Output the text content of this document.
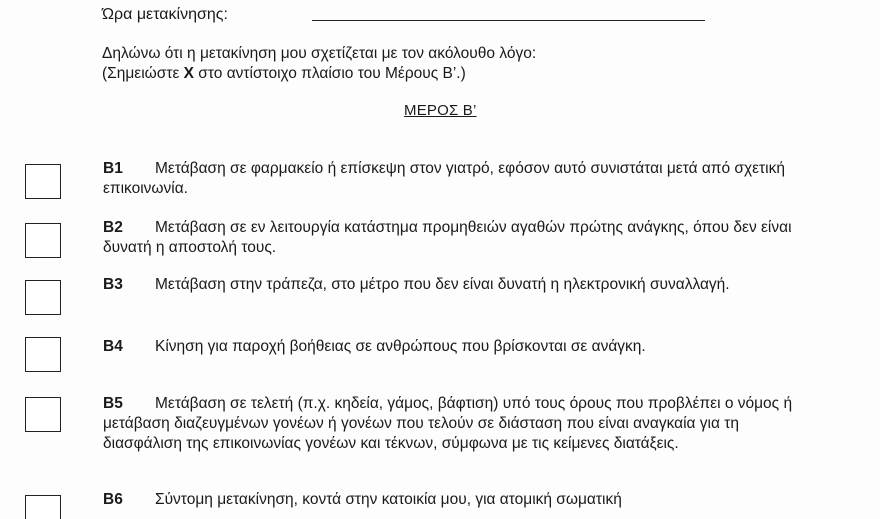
Ώρα μετακίνησης:
Δηλώνω ότι η μετακίνηση μου σχετίζεται με τον ακόλουθο λόγο:
(Σημειώστε X στο αντίστοιχο πλαίσιο του Μέρους Β’.)
ΜΕΡΟΣ Β’
B1 Μετάβαση σε φαρμακείο ή επίσκεψη στον γιατρό, εφόσον αυτό συνιστάται μετά από σχετική επικοινωνία.
B2 Μετάβαση σε εν λειτουργία κατάστημα προμηθειών αγαθών πρώτης ανάγκης, όπου δεν είναι δυνατή η αποστολή τους.
B3 Μετάβαση στην τράπεζα, στο μέτρο που δεν είναι δυνατή η ηλεκτρονική συναλλαγή.
B4 Κίνηση για παροχή βοήθειας σε ανθρώπους που βρίσκονται σε ανάγκη.
B5 Μετάβαση σε τελετή (π.χ. κηδεία, γάμος, βάφτιση) υπό τους όρους που προβλέπει ο νόμος ή μετάβαση διαζευγμένων γονέων ή γονέων που τελούν σε διάσταση που είναι αναγκαία για τη διασφάλιση της επικοινωνίας γονέων και τέκνων, σύμφωνα με τις κείμενες διατάξεις.
B6 Σύντομη μετακίνηση, κοντά στην κατοικία μου, για ατομική σωματική
